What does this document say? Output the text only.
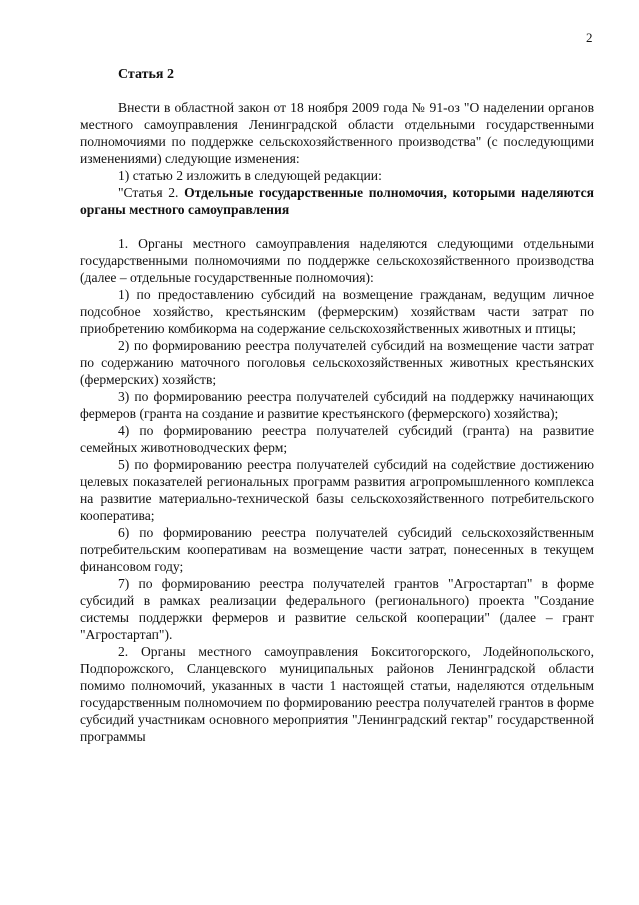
2
Статья 2

Внести в областной закон от 18 ноября 2009 года № 91-оз "О наделении органов местного самоуправления Ленинградской области отдельными государственными полномочиями по поддержке сельскохозяйственного производства" (с последующими изменениями) следующие изменения:

1) статью 2 изложить в следующей редакции:

"Статья 2. Отдельные государственные полномочия, которыми наделяются органы местного самоуправления

1. Органы местного самоуправления наделяются следующими отдельными государственными полномочиями по поддержке сельскохозяйственного производства (далее – отдельные государственные полномочия):

1) по предоставлению субсидий на возмещение гражданам, ведущим личное подсобное хозяйство, крестьянским (фермерским) хозяйствам части затрат по приобретению комбикорма на содержание сельскохозяйственных животных и птицы;

2) по формированию реестра получателей субсидий на возмещение части затрат по содержанию маточного поголовья сельскохозяйственных животных крестьянских (фермерских) хозяйств;

3) по формированию реестра получателей субсидий на поддержку начинающих фермеров (гранта на создание и развитие крестьянского (фермерского) хозяйства);

4) по формированию реестра получателей субсидий (гранта) на развитие семейных животноводческих ферм;

5) по формированию реестра получателей субсидий на содействие достижению целевых показателей региональных программ развития агропромышленного комплекса на развитие материально-технической базы сельскохозяйственного потребительского кооператива;

6) по формированию реестра получателей субсидий сельскохозяйственным потребительским кооперативам на возмещение части затрат, понесенных в текущем финансовом году;

7) по формированию реестра получателей грантов "Агростартап" в форме субсидий в рамках реализации федерального (регионального) проекта "Создание системы поддержки фермеров и развитие сельской кооперации" (далее – грант "Агростартап").

2. Органы местного самоуправления Бокситогорского, Лодейнопольского, Подпорожского, Сланцевского муниципальных районов Ленинградской области помимо полномочий, указанных в части 1 настоящей статьи, наделяются отдельным государственным полномочием по формированию реестра получателей грантов в форме субсидий участникам основного мероприятия "Ленинградский гектар" государственной программы
